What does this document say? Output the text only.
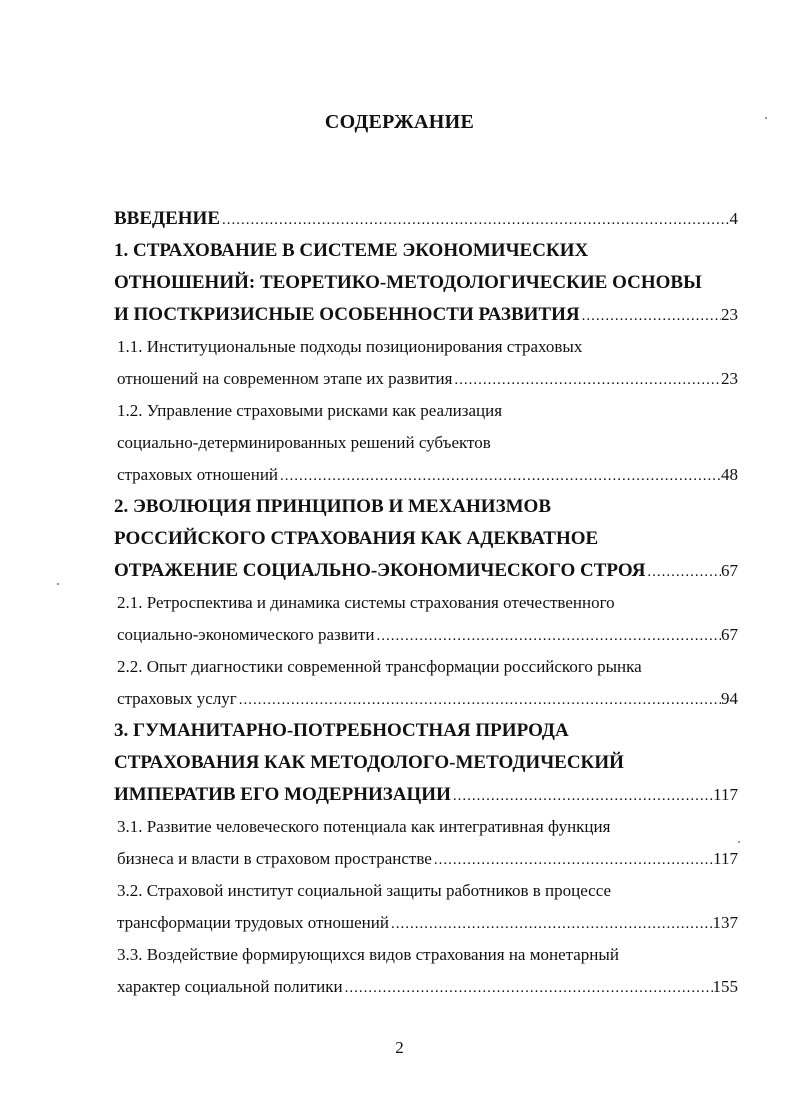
СОДЕРЖАНИЕ
ВВЕДЕНИЕ .....	4
1. СТРАХОВАНИЕ В СИСТЕМЕ ЭКОНОМИЧЕСКИХ
ОТНОШЕНИЙ: ТЕОРЕТИКО-МЕТОДОЛОГИЧЕСКИЕ ОСНОВЫ
И ПОСТКРИЗИСНЫЕ ОСОБЕННОСТИ РАЗВИТИЯ .....	23
1.1. Институциональные подходы позиционирования страховых
отношений на современном этапе их развития .....	23
1.2. Управление страховыми рисками как реализация
социально-детерминированных решений субъектов
страховых отношений .....	48
2. ЭВОЛЮЦИЯ ПРИНЦИПОВ И МЕХАНИЗМОВ
РОССИЙСКОГО СТРАХОВАНИЯ КАК АДЕКВАТНОЕ
ОТРАЖЕНИЕ СОЦИАЛЬНО-ЭКОНОМИЧЕСКОГО СТРОЯ .....	67
2.1. Ретроспектива и динамика системы страхования отечественного
социально-экономического развити .....	67
2.2. Опыт диагностики современной трансформации российского рынка
страховых услуг .....	94
3. ГУМАНИТАРНО-ПОТРЕБНОСТНАЯ ПРИРОДА
СТРАХОВАНИЯ КАК МЕТОДОЛОГО-МЕТОДИЧЕСКИЙ
ИМПЕРАТИВ ЕГО МОДЕРНИЗАЦИИ .....	117
3.1. Развитие человеческого потенциала как интегративная функция
бизнеса и власти в страховом пространстве .....	117
3.2. Страховой институт социальной защиты работников в процессе
трансформации трудовых отношений .....	137
3.3. Воздействие формирующихся видов страхования на монетарный
характер социальной политики .....	155
2
